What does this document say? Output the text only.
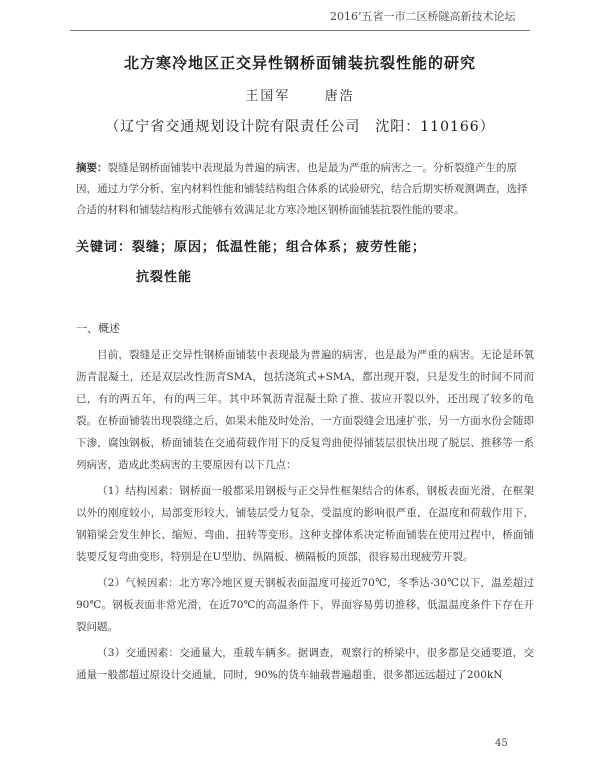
2016’五省一市二区桥隧高新技术论坛
北方寒冷地区正交异性钢桥面铺装抗裂性能的研究
王国军	唐浩
（辽宁省交通规划设计院有限责任公司　沈阳：110166）
摘要：裂缝是钢桥面铺装中表现最为普遍的病害，也是最为严重的病害之一。分析裂缝产生的原因，通过力学分析、室内材料性能和铺装结构组合体系的试验研究，结合后期实桥观测调查，选择合适的材料和铺装结构形式能够有效满足北方寒冷地区钢桥面铺装抗裂性能的要求。
关键词：裂缝；原因；低温性能；组合体系；疲劳性能；
抗裂性能
一、概述

目前，裂缝是正交异性钢桥面铺装中表现最为普遍的病害，也是最为严重的病害。无论是环氧沥青混凝土，还是双层改性沥青SMA，包括浇筑式+SMA，都出现开裂，只是发生的时间不同而已，有的两五年，有的两三年。其中环氧沥青混凝土除了推、拔应开裂以外，还出现了较多的龟裂。在桥面铺装出现裂缝之后，如果未能及时处治，一方面裂缝会迅速扩张，另一方面水份会随即下渗，腐蚀钢板，桥面铺装在交通荷载作用下的反复弯曲使得铺装层很快出现了脱层、推移等一系列病害，造成此类病害的主要原因有以下几点：

（1）结构因素：钢桥面一般都采用钢板与正交异性框架结合的体系，钢板表面光滑，在框架以外的刚度较小，局部变形较大，铺装层受力复杂，受温度的影响很严重，在温度和荷载作用下，钢箱梁会发生伸长、缩短、弯曲、扭转等变形。这种支撑体系决定桥面铺装在使用过程中，桥面铺装要反复弯曲变形，特别是在U型肋、纵隔板、横隔板的顶部，很容易出现疲劳开裂。

（2）气候因素：北方寒冷地区夏天钢板表面温度可接近70℃，冬季达-30℃以下，温差超过90℃。钢板表面非常光滑，在近70℃的高温条件下，界面容易剪切推移，低温温度条件下存在开裂问题。

（3）交通因素：交通量大，重载车辆多。据调查，观察行的桥梁中，很多都是交通要道，交通量一般都超过原设计交通量，同时，90%的货车轴载普遍超重，很多都远远超过了200kN

45
